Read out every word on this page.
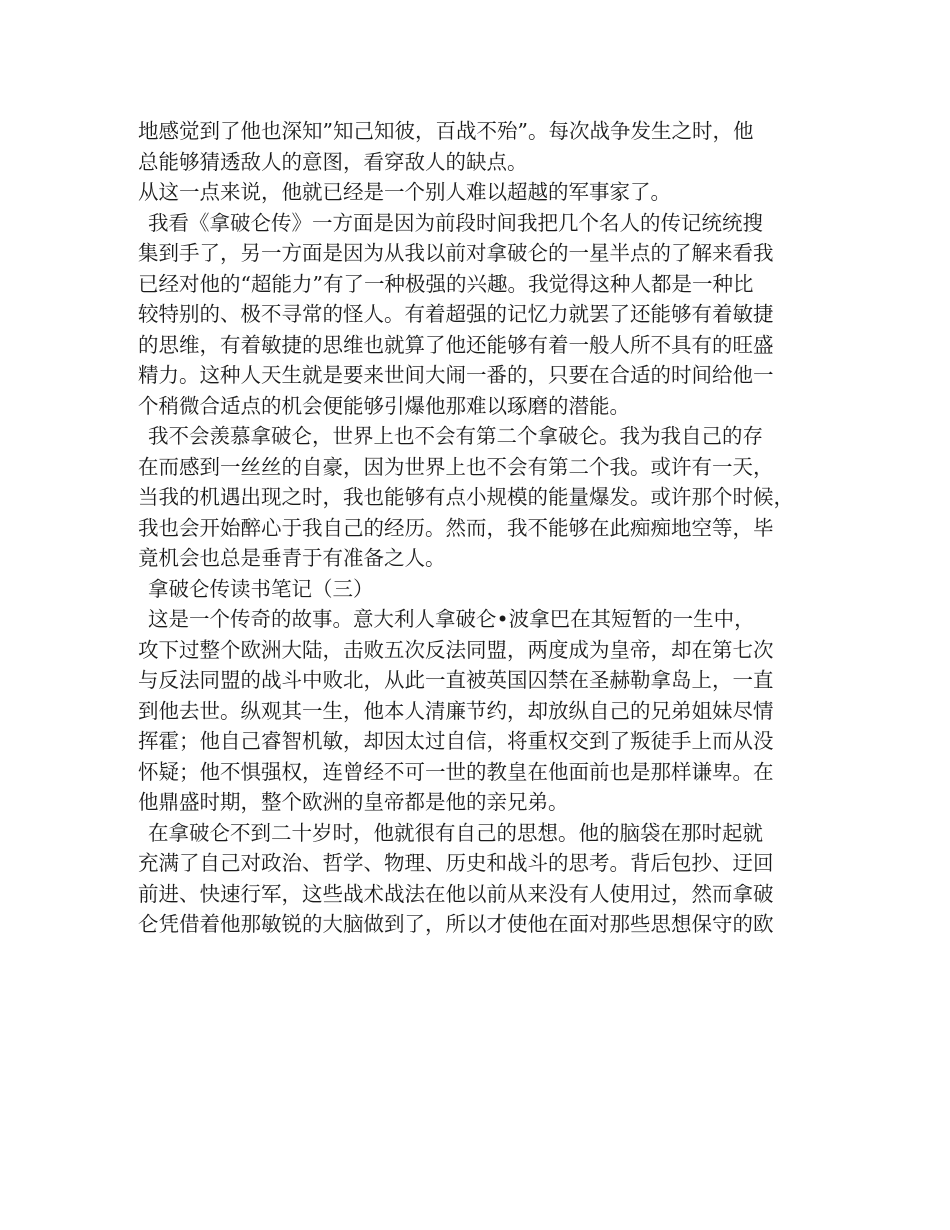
地感觉到了他也深知”知己知彼，百战不殆”。每次战争发生之时，他
总能够猜透敌人的意图，看穿敌人的缺点。
从这一点来说，他就已经是一个别人难以超越的军事家了。
我看《拿破仑传》一方面是因为前段时间我把几个名人的传记统统搜
集到手了，另一方面是因为从我以前对拿破仑的一星半点的了解来看我
已经对他的“超能力”有了一种极强的兴趣。我觉得这种人都是一种比
较特别的、极不寻常的怪人。有着超强的记忆力就罢了还能够有着敏捷
的思维，有着敏捷的思维也就算了他还能够有着一般人所不具有的旺盛
精力。这种人天生就是要来世间大闹一番的，只要在合适的时间给他一
个稍微合适点的机会便能够引爆他那难以琢磨的潜能。
我不会羡慕拿破仑，世界上也不会有第二个拿破仑。我为我自己的存
在而感到一丝丝的自豪，因为世界上也不会有第二个我。或许有一天，
当我的机遇出现之时，我也能够有点小规模的能量爆发。或许那个时候，
我也会开始醉心于我自己的经历。然而，我不能够在此痴痴地空等，毕
竟机会也总是垂青于有准备之人。
拿破仑传读书笔记（三）
这是一个传奇的故事。意大利人拿破仑•波拿巴在其短暂的一生中，
攻下过整个欧洲大陆，击败五次反法同盟，两度成为皇帝，却在第七次
与反法同盟的战斗中败北，从此一直被英国囚禁在圣赫勒拿岛上，一直
到他去世。纵观其一生，他本人清廉节约，却放纵自己的兄弟姐妹尽情
挥霍；他自己睿智机敏，却因太过自信，将重权交到了叛徒手上而从没
怀疑；他不惧强权，连曾经不可一世的教皇在他面前也是那样谦卑。在
他鼎盛时期，整个欧洲的皇帝都是他的亲兄弟。
在拿破仑不到二十岁时，他就很有自己的思想。他的脑袋在那时起就
充满了自己对政治、哲学、物理、历史和战斗的思考。背后包抄、迂回
前进、快速行军，这些战术战法在他以前从来没有人使用过，然而拿破
仑凭借着他那敏锐的大脑做到了，所以才使他在面对那些思想保守的欧
